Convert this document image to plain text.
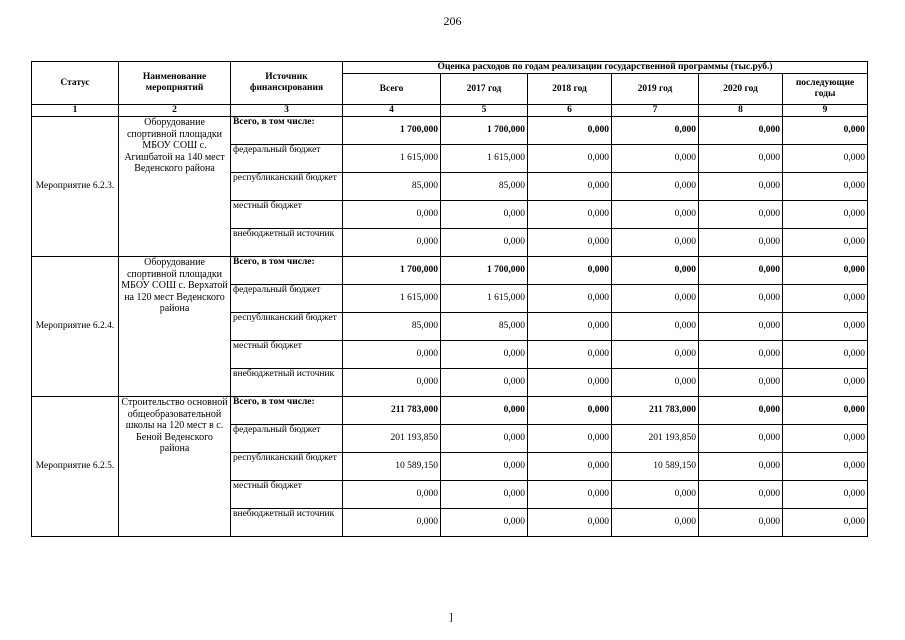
206
Статус	Наименование мероприятий	Источник финансирования	Оценка расходов по годам реализации государственной программы (тыс.руб.)					
			Всего	2017 год	2018 год	2019 год	2020 год	последующие годы
1	2	3	4	5	6	7	8	9
Мероприятие 6.2.3.	Оборудование спортивной площадки МБОУ СОШ с. Агишбатой на 140 мест Веденского района	Всего, в том числе:	1 700,000	1 700,000	0,000	0,000	0,000	0,000
		федеральный бюджет	1 615,000	1 615,000	0,000	0,000	0,000	0,000
		республиканский бюджет	85,000	85,000	0,000	0,000	0,000	0,000
		местный бюджет	0,000	0,000	0,000	0,000	0,000	0,000
		внебюджетный источник	0,000	0,000	0,000	0,000	0,000	0,000
Мероприятие 6.2.4.	Оборудование спортивной площадки МБОУ СОШ с. Верхатой на 120 мест Веденского района	Всего, в том числе:	1 700,000	1 700,000	0,000	0,000	0,000	0,000
		федеральный бюджет	1 615,000	1 615,000	0,000	0,000	0,000	0,000
		республиканский бюджет	85,000	85,000	0,000	0,000	0,000	0,000
		местный бюджет	0,000	0,000	0,000	0,000	0,000	0,000
		внебюджетный источник	0,000	0,000	0,000	0,000	0,000	0,000
Мероприятие 6.2.5.	Строительство основной общеобразовательной школы на 120 мест в с. Беной Веденского района	Всего, в том числе:	211 783,000	0,000	0,000	211 783,000	0,000	0,000
		федеральный бюджет	201 193,850	0,000	0,000	201 193,850	0,000	0,000
		республиканский бюджет	10 589,150	0,000	0,000	10 589,150	0,000	0,000
		местный бюджет	0,000	0,000	0,000	0,000	0,000	0,000
		внебюджетный источник	0,000	0,000	0,000	0,000	0,000	0,000
]
